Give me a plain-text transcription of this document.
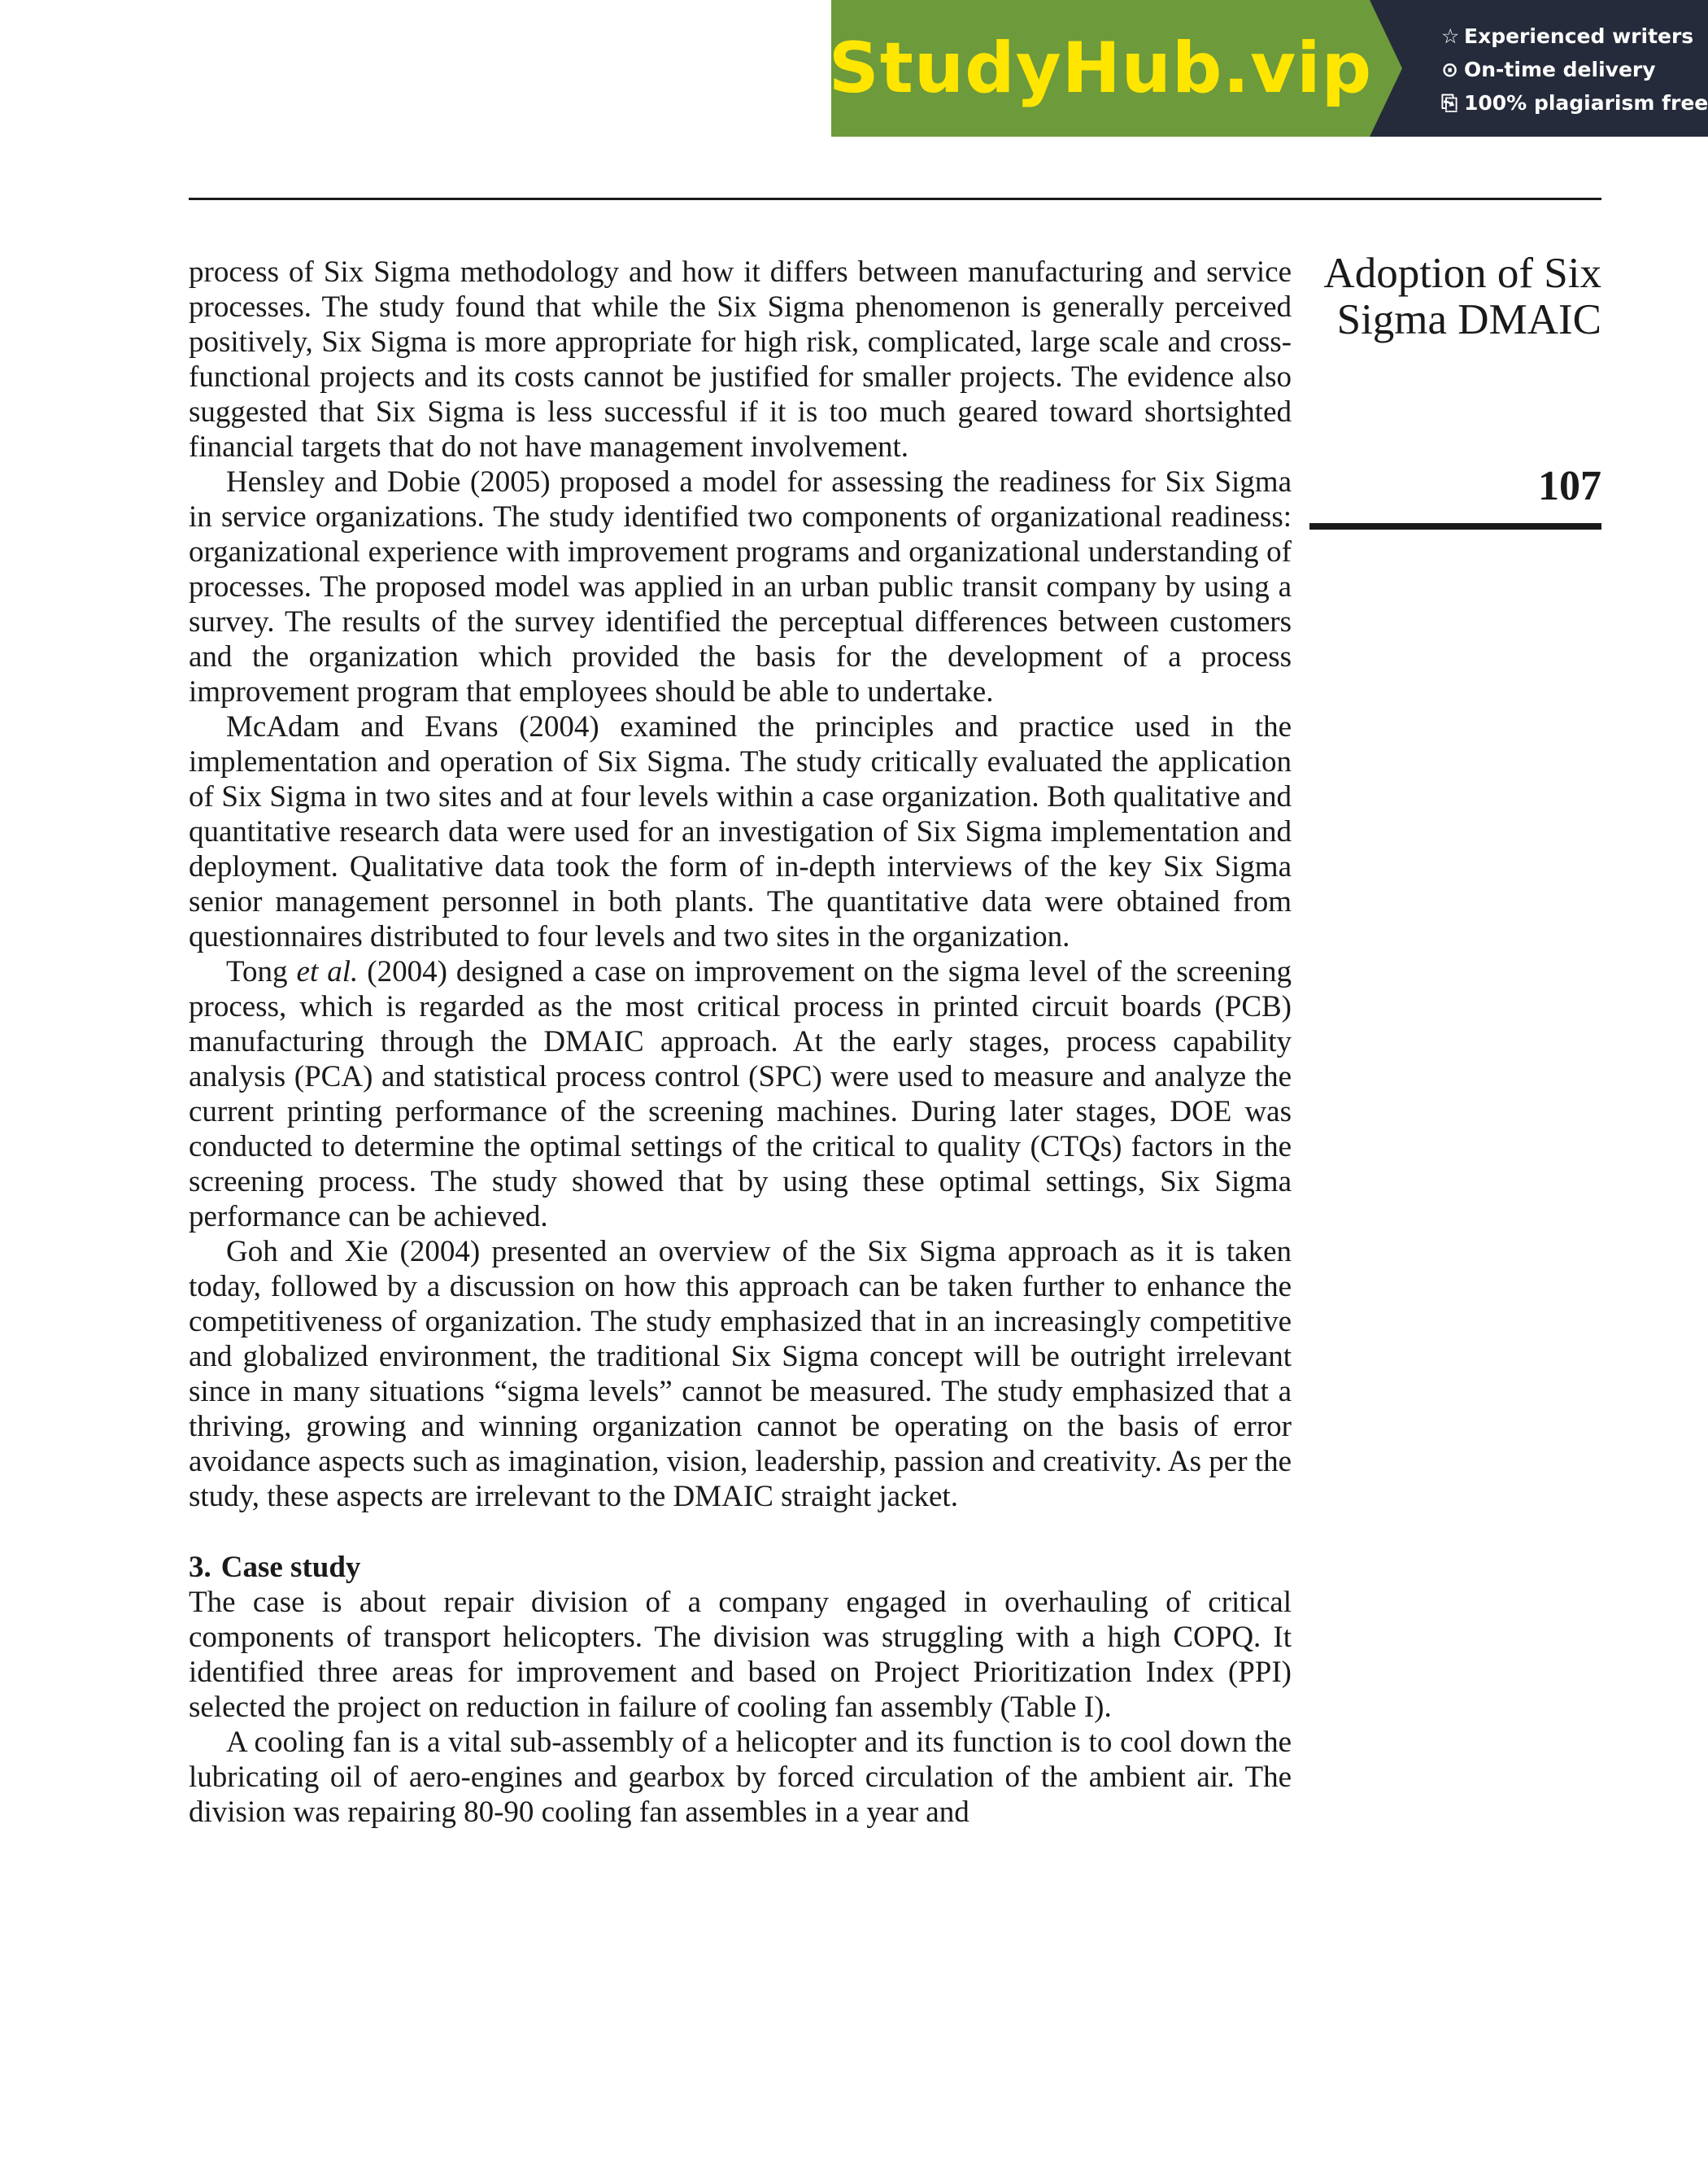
StudyHub.vip	☆ Experienced writers
⊙ On-time delivery
⎘ 100% plagiarism free
Adoption of Six
Sigma DMAIC
107

process of Six Sigma methodology and how it differs between manufacturing and service processes. The study found that while the Six Sigma phenomenon is generally perceived positively, Six Sigma is more appropriate for high risk, complicated, large scale and cross-functional projects and its costs cannot be justified for smaller projects. The evidence also suggested that Six Sigma is less successful if it is too much geared toward shortsighted financial targets that do not have management involvement.

Hensley and Dobie (2005) proposed a model for assessing the readiness for Six Sigma in service organizations. The study identified two components of organizational readiness: organizational experience with improvement programs and organizational understanding of processes. The proposed model was applied in an urban public transit company by using a survey. The results of the survey identified the perceptual differences between customers and the organization which provided the basis for the development of a process improvement program that employees should be able to undertake.

McAdam and Evans (2004) examined the principles and practice used in the implementation and operation of Six Sigma. The study critically evaluated the application of Six Sigma in two sites and at four levels within a case organization. Both qualitative and quantitative research data were used for an investigation of Six Sigma implementation and deployment. Qualitative data took the form of in-depth interviews of the key Six Sigma senior management personnel in both plants. The quantitative data were obtained from questionnaires distributed to four levels and two sites in the organization.

Tong et al. (2004) designed a case on improvement on the sigma level of the screening process, which is regarded as the most critical process in printed circuit boards (PCB) manufacturing through the DMAIC approach. At the early stages, process capability analysis (PCA) and statistical process control (SPC) were used to measure and analyze the current printing performance of the screening machines. During later stages, DOE was conducted to determine the optimal settings of the critical to quality (CTQs) factors in the screening process. The study showed that by using these optimal settings, Six Sigma performance can be achieved.

Goh and Xie (2004) presented an overview of the Six Sigma approach as it is taken today, followed by a discussion on how this approach can be taken further to enhance the competitiveness of organization. The study emphasized that in an increasingly competitive and globalized environment, the traditional Six Sigma concept will be outright irrelevant since in many situations “sigma levels” cannot be measured. The study emphasized that a thriving, growing and winning organization cannot be operating on the basis of error avoidance aspects such as imagination, vision, leadership, passion and creativity. As per the study, these aspects are irrelevant to the DMAIC straight jacket.

3. Case study

The case is about repair division of a company engaged in overhauling of critical components of transport helicopters. The division was struggling with a high COPQ. It identified three areas for improvement and based on Project Prioritization Index (PPI) selected the project on reduction in failure of cooling fan assembly (Table I).

A cooling fan is a vital sub-assembly of a helicopter and its function is to cool down the lubricating oil of aero-engines and gearbox by forced circulation of the ambient air. The division was repairing 80-90 cooling fan assembles in a year and
